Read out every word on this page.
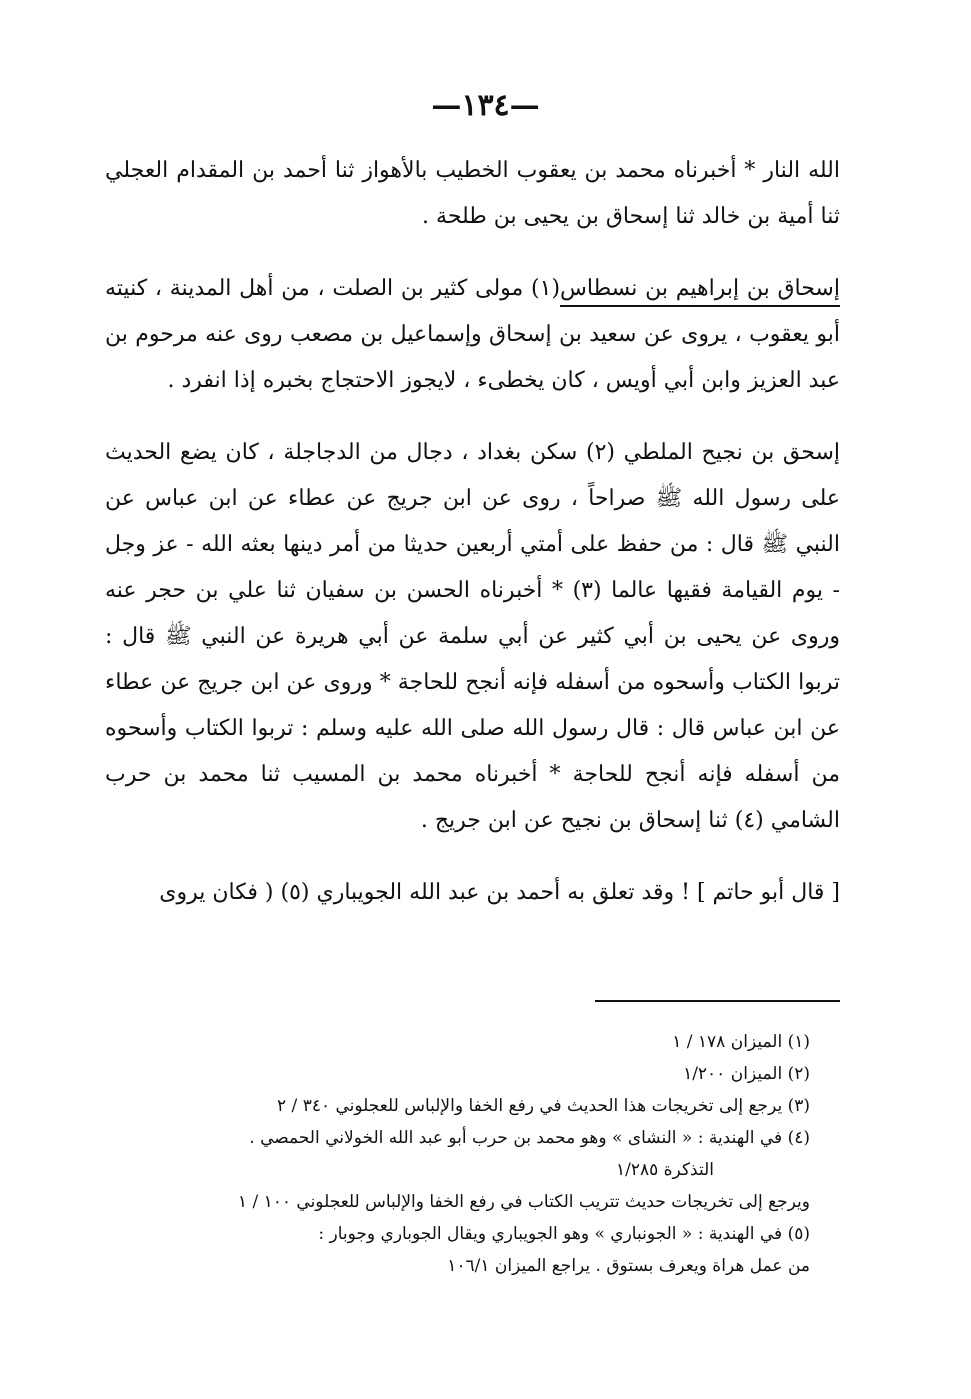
—١٣٤—

الله النار * أخبرناه محمد بن يعقوب الخطيب بالأهواز ثنا أحمد بن المقدام العجلي ثنا أمية بن خالد ثنا إسحاق بن يحيى بن طلحة .

إسحاق بن إبراهيم بن نسطاس(١) مولى كثير بن الصلت ، من أهل المدينة ، كنيته أبو يعقوب ، يروى عن سعيد بن إسحاق وإسماعيل بن مصعب روى عنه مرحوم بن عبد العزيز وابن أبي أويس ، كان يخطىء ، لايجوز الاحتجاج بخبره إذا انفرد .

إسحق بن نجيح الملطي (٢) سكن بغداد ، دجال من الدجاجلة ، كان يضع الحديث على رسول الله ﷺ صراحاً ، روى عن ابن جريج عن عطاء عن ابن عباس عن النبي ﷺ قال : من حفظ على أمتي أربعين حديثا من أمر دينها بعثه الله - عز وجل - يوم القيامة فقيها عالما (٣) * أخبرناه الحسن بن سفيان ثنا علي بن حجر عنه وروى عن يحيى بن أبي كثير عن أبي سلمة عن أبي هريرة عن النبي ﷺ قال : تربوا الكتاب وأسحوه من أسفله فإنه أنجح للحاجة * وروى عن ابن جريج عن عطاء عن ابن عباس قال : قال رسول الله صلى الله عليه وسلم : تربوا الكتاب وأسحوه من أسفله فإنه أنجح للحاجة * أخبرناه محمد بن المسيب ثنا محمد بن حرب الشامي (٤) ثنا إسحاق بن نجيح عن ابن جريج .

[ قال أبو حاتم ] ! وقد تعلق به أحمد بن عبد الله الجويباري (٥) ( فكان يروى

(١) الميزان ١٧٨ / ١

(٢) الميزان ١/٢٠٠

(٣) يرجع إلى تخريجات هذا الحديث في رفع الخفا والإلباس للعجلوني ٣٤٠ / ٢

(٤) في الهندية : « النشاى » وهو محمد بن حرب أبو عبد الله الخولاني الحمصي .

التذكرة ١/٢٨٥

ويرجع إلى تخريجات حديث تتريب الكتاب في رفع الخفا والإلباس للعجلوني ١٠٠ / ١

(٥) في الهندية : « الجونباري » وهو الجويباري ويقال الجوباري وجوبار :

من عمل هراة ويعرف بستوق . يراجع الميزان ١٠٦/١
